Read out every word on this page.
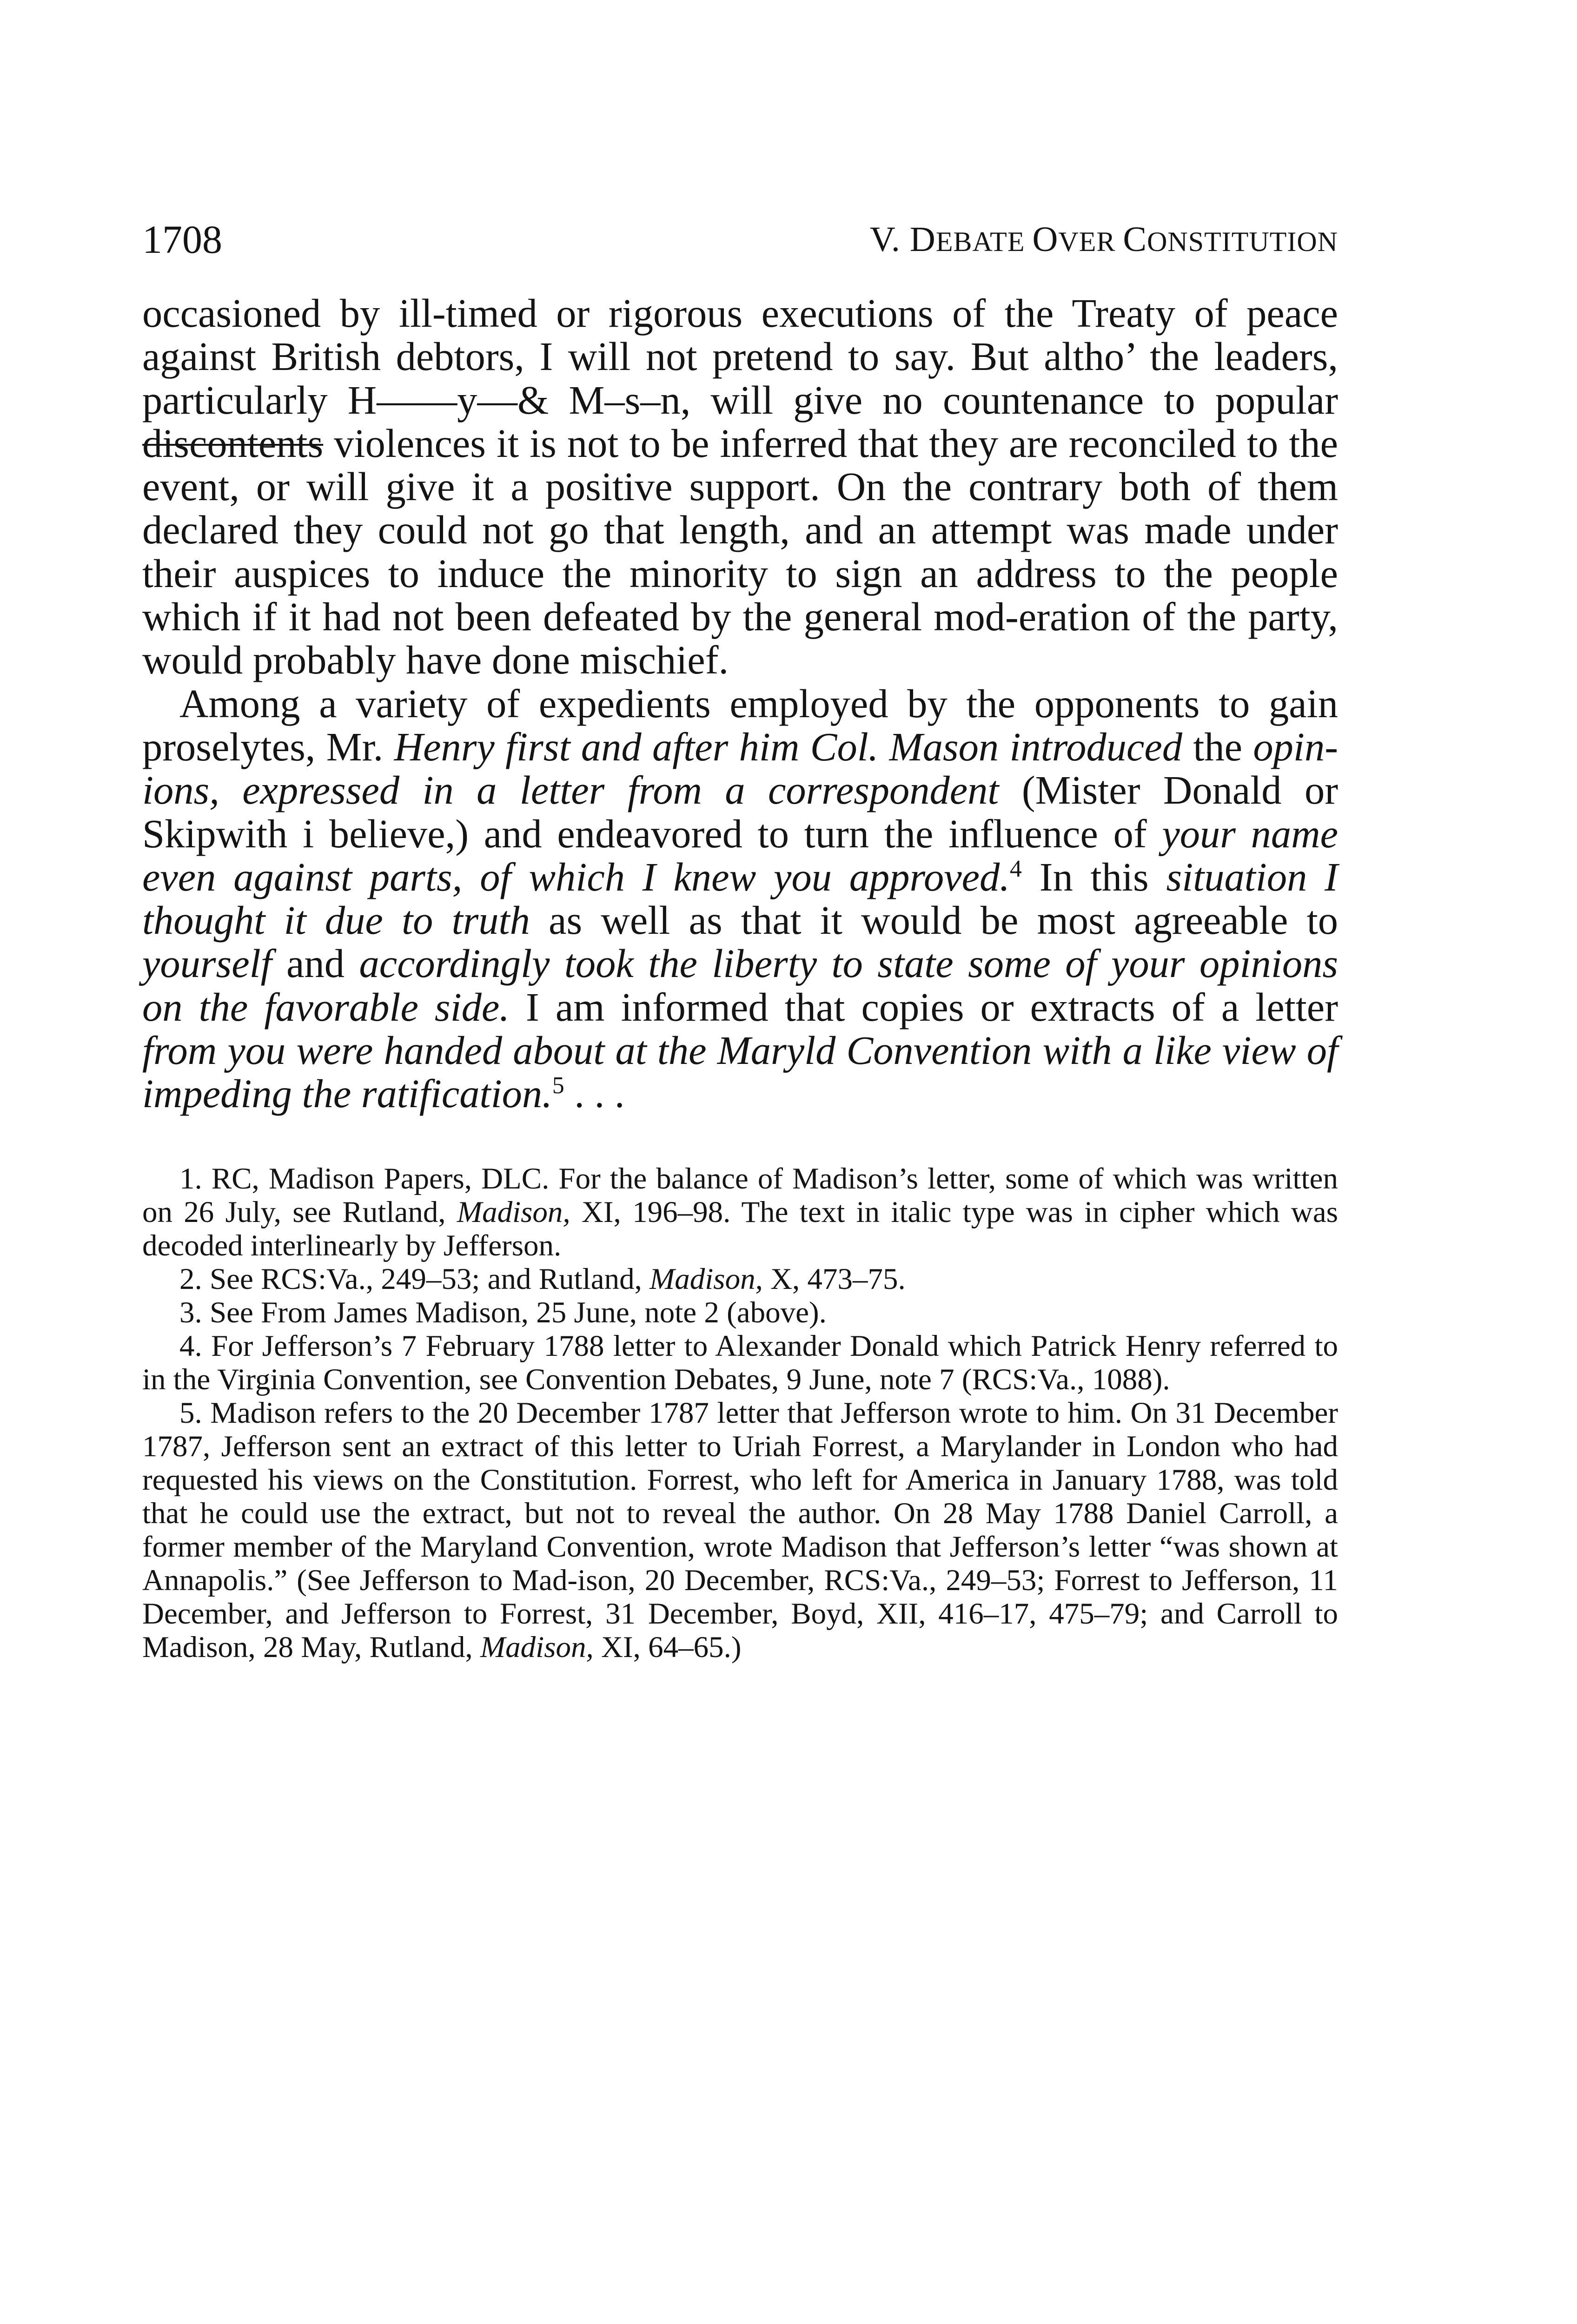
1708	V. DEBATE OVER CONSTITUTION

occasioned by ill-timed or rigorous executions of the Treaty of peace against British debtors, I will not pretend to say. But altho’ the leaders, particularly H——y—& M–s–n, will give no countenance to popular discontents violences it is not to be inferred that they are reconciled to the event, or will give it a positive support. On the contrary both of them declared they could not go that length, and an attempt was made under their auspices to induce the minority to sign an address to the people which if it had not been defeated by the general mod-eration of the party, would probably have done mischief.

Among a variety of expedients employed by the opponents to gain proselytes, Mr. Henry first and after him Col. Mason introduced the opin-ions, expressed in a letter from a correspondent (Mister Donald or Skipwith i believe,) and endeavored to turn the influence of your name even against parts, of which I knew you approved.$^4$ In this situation I thought it due to truth as well as that it would be most agreeable to yourself and accordingly took the liberty to state some of your opinions on the favorable side. I am informed that copies or extracts of a letter from you were handed about at the Maryld Convention with a like view of impeding the ratification.$^5$ . . .

1. RC, Madison Papers, DLC. For the balance of Madison’s letter, some of which was written on 26 July, see Rutland, Madison, XI, 196–98. The text in italic type was in cipher which was decoded interlinearly by Jefferson.

2. See RCS:Va., 249–53; and Rutland, Madison, X, 473–75.

3. See From James Madison, 25 June, note 2 (above).

4. For Jefferson’s 7 February 1788 letter to Alexander Donald which Patrick Henry referred to in the Virginia Convention, see Convention Debates, 9 June, note 7 (RCS:Va., 1088).

5. Madison refers to the 20 December 1787 letter that Jefferson wrote to him. On 31 December 1787, Jefferson sent an extract of this letter to Uriah Forrest, a Marylander in London who had requested his views on the Constitution. Forrest, who left for America in January 1788, was told that he could use the extract, but not to reveal the author. On 28 May 1788 Daniel Carroll, a former member of the Maryland Convention, wrote Madison that Jefferson’s letter “was shown at Annapolis.” (See Jefferson to Mad-ison, 20 December, RCS:Va., 249–53; Forrest to Jefferson, 11 December, and Jefferson to Forrest, 31 December, Boyd, XII, 416–17, 475–79; and Carroll to Madison, 28 May, Rutland, Madison, XI, 64–65.)
